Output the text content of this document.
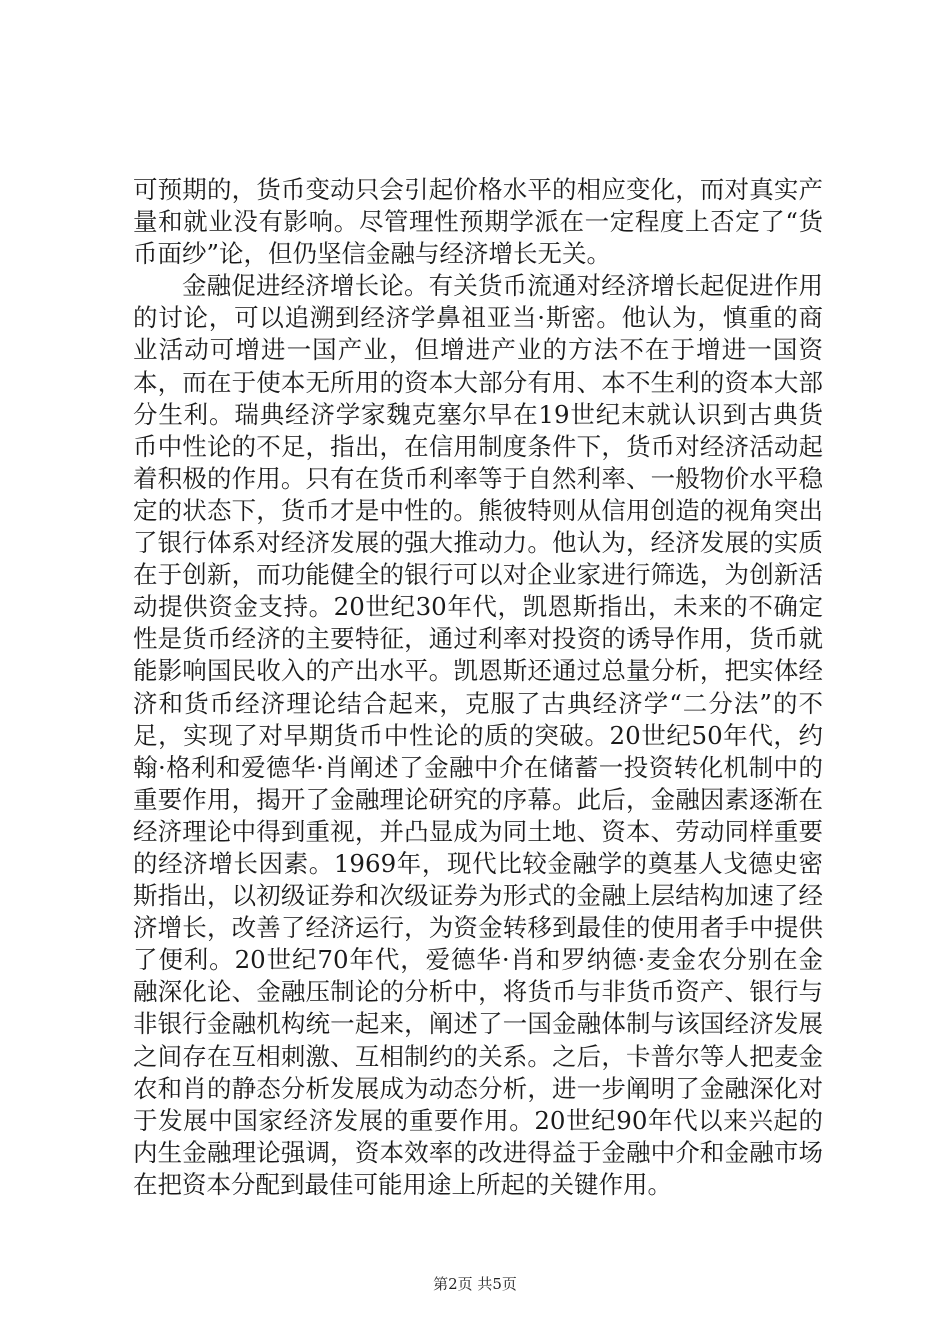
可预期的，货币变动只会引起价格水平的相应变化，而对真实产量和就业没有影响。尽管理性预期学派在一定程度上否定了“货币面纱”论，但仍坚信金融与经济增长无关。

金融促进经济增长论。有关货币流通对经济增长起促进作用的讨论，可以追溯到经济学鼻祖亚当·斯密。他认为，慎重的商业活动可增进一国产业，但增进产业的方法不在于增进一国资本，而在于使本无所用的资本大部分有用、本不生利的资本大部分生利。瑞典经济学家魏克塞尔早在19世纪末就认识到古典货币中性论的不足，指出，在信用制度条件下，货币对经济活动起着积极的作用。只有在货币利率等于自然利率、一般物价水平稳定的状态下，货币才是中性的。熊彼特则从信用创造的视角突出了银行体系对经济发展的强大推动力。他认为，经济发展的实质在于创新，而功能健全的银行可以对企业家进行筛选，为创新活动提供资金支持。20世纪30年代，凯恩斯指出，未来的不确定性是货币经济的主要特征，通过利率对投资的诱导作用，货币就能影响国民收入的产出水平。凯恩斯还通过总量分析，把实体经济和货币经济理论结合起来，克服了古典经济学“二分法”的不足，实现了对早期货币中性论的质的突破。20世纪50年代，约翰·格利和爱德华·肖阐述了金融中介在储蓄一投资转化机制中的重要作用，揭开了金融理论研究的序幕。此后，金融因素逐渐在经济理论中得到重视，并凸显成为同土地、资本、劳动同样重要的经济增长因素。1969年，现代比较金融学的奠基人戈德史密斯指出，以初级证券和次级证券为形式的金融上层结构加速了经济增长，改善了经济运行，为资金转移到最佳的使用者手中提供了便利。20世纪70年代，爱德华·肖和罗纳德·麦金农分别在金融深化论、金融压制论的分析中，将货币与非货币资产、银行与非银行金融机构统一起来，阐述了一国金融体制与该国经济发展之间存在互相刺激、互相制约的关系。之后，卡普尔等人把麦金农和肖的静态分析发展成为动态分析，进一步阐明了金融深化对于发展中国家经济发展的重要作用。20世纪90年代以来兴起的内生金融理论强调，资本效率的改进得益于金融中介和金融市场在把资本分配到最佳可能用途上所起的关键作用。

第2页 共5页
